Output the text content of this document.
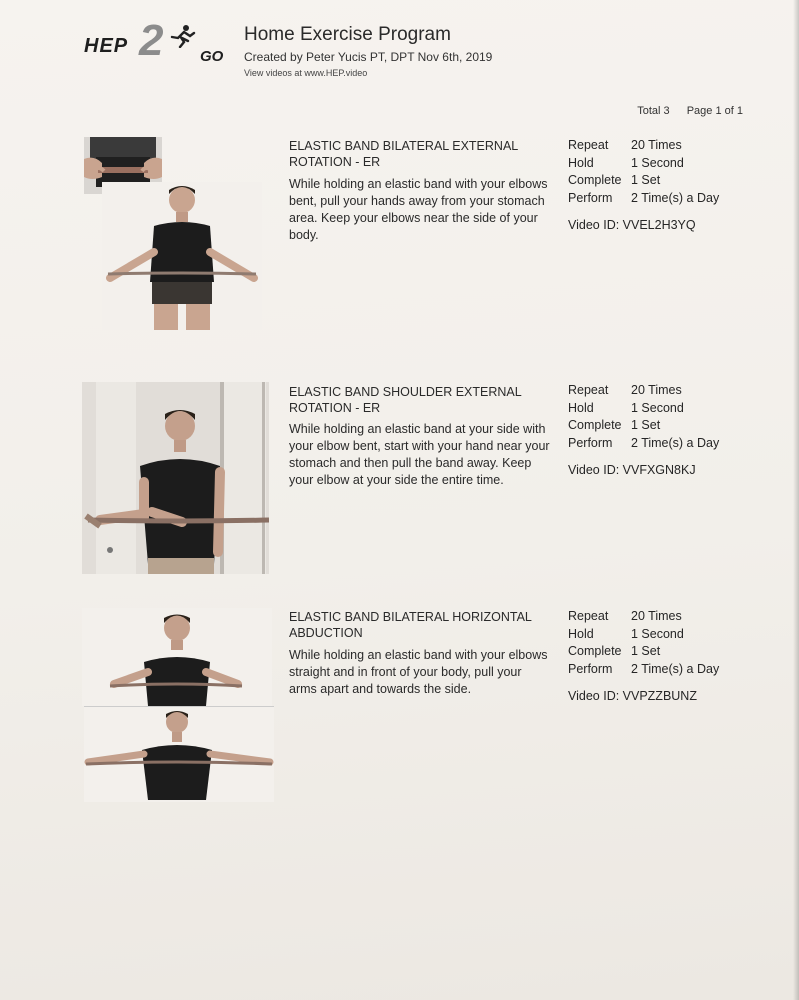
HEP 2 GO
Home Exercise Program
Created by Peter Yucis PT, DPT Nov 6th, 2019
View videos at www.HEP.video
Total 3 Page 1 of 1
ELASTIC BAND BILATERAL EXTERNAL ROTATION - ER
While holding an elastic band with your elbows bent, pull your hands away from your stomach area. Keep your elbows near the side of your body.
Repeat	20 Times
Hold	1 Second
Complete 1 Set
Perform	2 Time(s) a Day
Video ID: VVEL2H3YQ
ELASTIC BAND SHOULDER EXTERNAL ROTATION - ER
While holding an elastic band at your side with your elbow bent, start with your hand near your stomach and then pull the band away. Keep your elbow at your side the entire time.
Repeat	20 Times
Hold	1 Second
Complete 1 Set
Perform	2 Time(s) a Day
Video ID: VVFXGN8KJ
ELASTIC BAND BILATERAL HORIZONTAL ABDUCTION
While holding an elastic band with your elbows straight and in front of your body, pull your arms apart and towards the side.
Repeat	20 Times
Hold	1 Second
Complete 1 Set
Perform	2 Time(s) a Day
Video ID: VVPZZBUNZ
